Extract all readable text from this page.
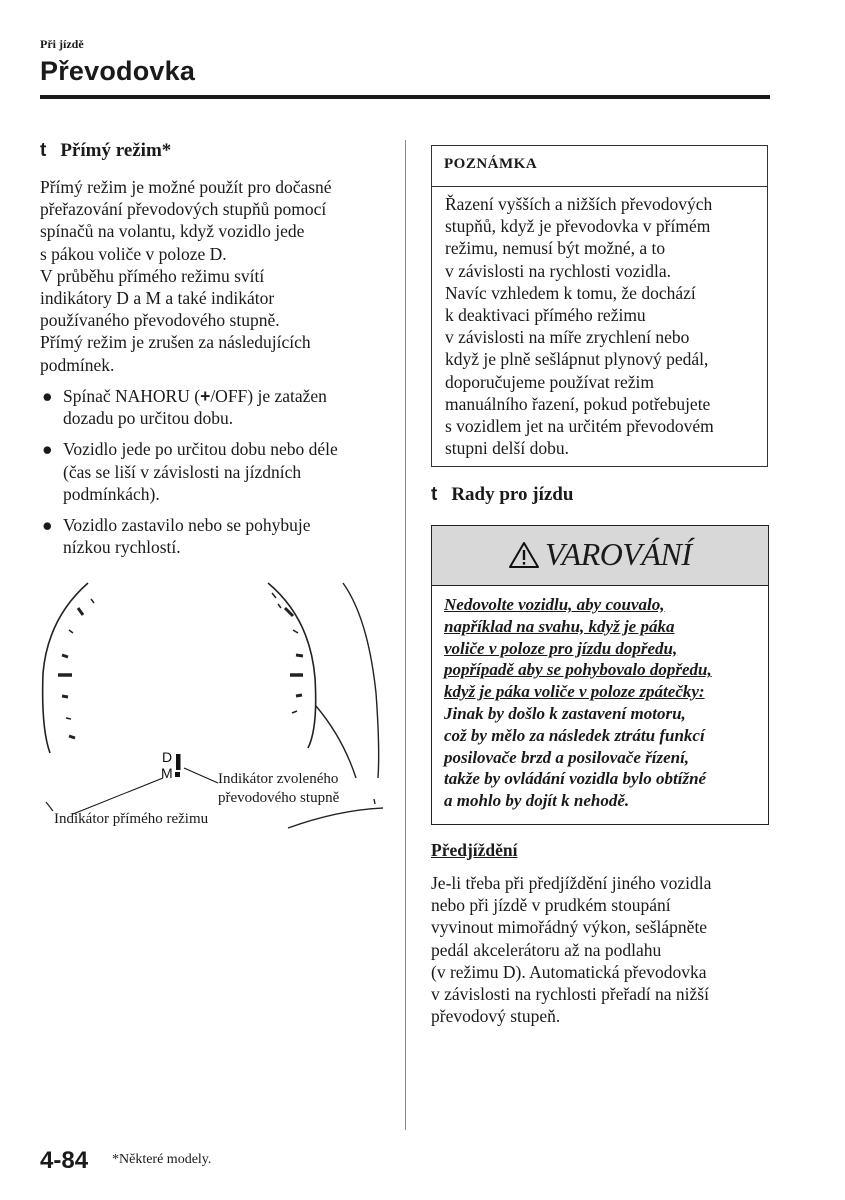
Při jízdě
Převodovka
t Přímý režim*

Přímý režim je možné použít pro dočasné

přeřazování převodových stupňů pomocí

spínačů na volantu, když vozidlo jede

s pákou voliče v poloze D.

V průběhu přímého režimu svítí

indikátory D a M a také indikátor

používaného převodového stupně.

Přímý režim je zrušen za následujících

podmínek.

● Spínač NAHORU (+/OFF) je zatažen
dozadu po určitou dobu.
● Vozidlo jede po určitou dobu nebo déle
(čas se liší v závislosti na jízdních
podmínkách).
● Vozidlo zastavilo nebo se pohybuje
nízkou rychlostí.
D
M	Indikátor zvoleného
převodového stupně
Indikátor přímého režimu
POZNÁMKA
Řazení vyšších a nižších převodových
stupňů, když je převodovka v přímém
režimu, nemusí být možné, a to
v závislosti na rychlosti vozidla.
Navíc vzhledem k tomu, že dochází
k deaktivaci přímého režimu
v závislosti na míře zrychlení nebo
když je plně sešlápnut plynový pedál,
doporučujeme používat režim
manuálního řazení, pokud potřebujete
s vozidlem jet na určitém převodovém
stupni delší dobu.
t Rady pro jízdu
VAROVÁNÍ
Nedovolte vozidlu, aby couvalo,
například na svahu, když je páka
voliče v poloze pro jízdu dopředu,
popřípadě aby se pohybovalo dopředu,
když je páka voliče v poloze zpátečky:
Jinak by došlo k zastavení motoru,
což by mělo za následek ztrátu funkcí
posilovače brzd a posilovače řízení,
takže by ovládání vozidla bylo obtížné
a mohlo by dojít k nehodě.
Předjíždění

Je-li třeba při předjíždění jiného vozidla

nebo při jízdě v prudkém stoupání

vyvinout mimořádný výkon, sešlápněte

pedál akcelerátoru až na podlahu

(v režimu D). Automatická převodovka

v závislosti na rychlosti přeřadí na nižší

převodový stupeň.

4-84 *Některé modely.
